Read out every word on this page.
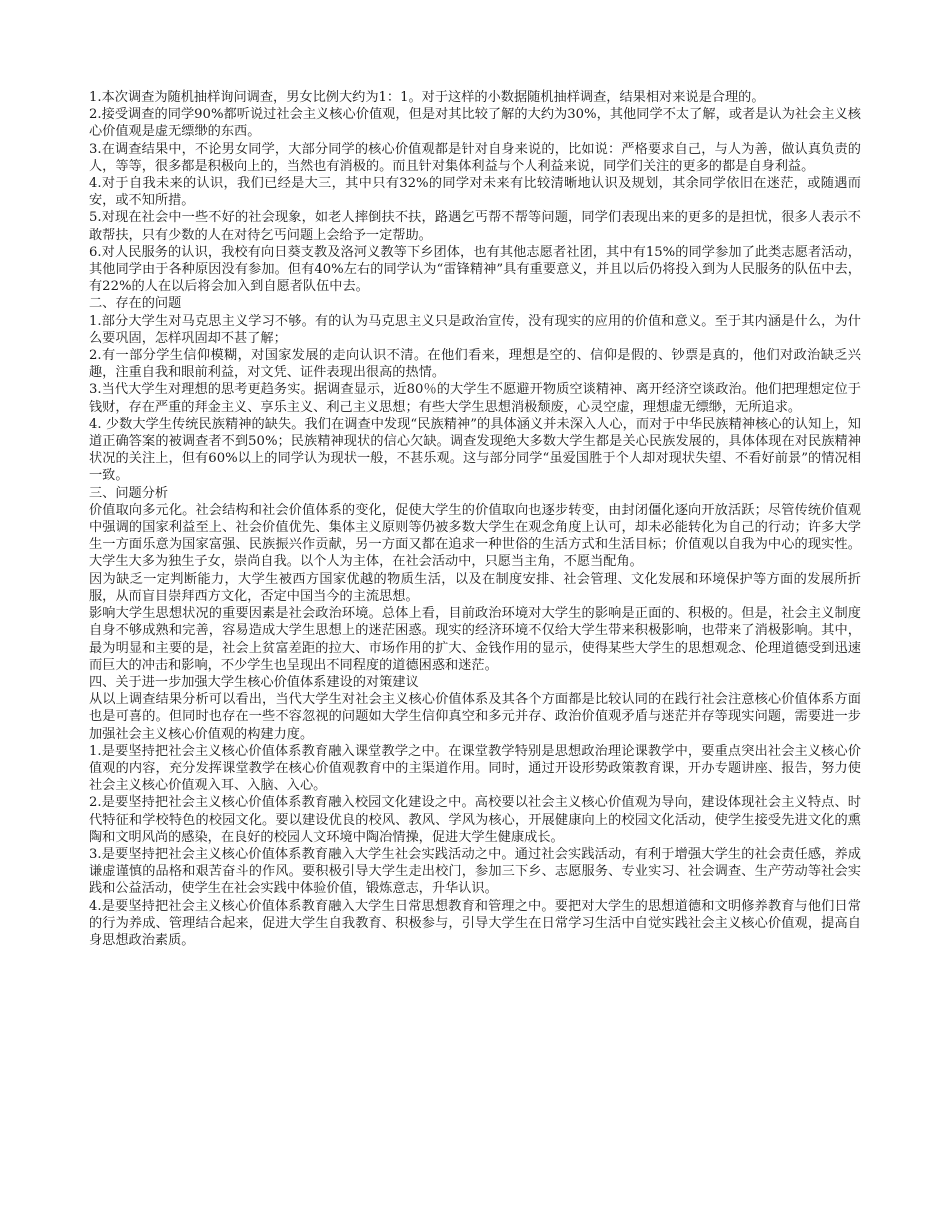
1.本次调查为随机抽样询问调查，男女比例大约为1：1。对于这样的小数据随机抽样调查，结果相对来说是合理的。

2.接受调查的同学90%都听说过社会主义核心价值观，但是对其比较了解的大约为30%，其他同学不太了解，或者是认为社会主义核心价值观是虚无缥缈的东西。

3.在调查结果中，不论男女同学，大部分同学的核心价值观都是针对自身来说的，比如说：严格要求自己，与人为善，做认真负责的人，等等，很多都是积极向上的，当然也有消极的。而且针对集体利益与个人利益来说，同学们关注的更多的都是自身利益。

4.对于自我未来的认识，我们已经是大三，其中只有32%的同学对未来有比较清晰地认识及规划，其余同学依旧在迷茫，或随遇而安，或不知所措。

5.对现在社会中一些不好的社会现象，如老人摔倒扶不扶，路遇乞丐帮不帮等问题，同学们表现出来的更多的是担忧，很多人表示不敢帮扶，只有少数的人在对待乞丐问题上会给予一定帮助。

6.对人民服务的认识，我校有向日葵支教及洛河义教等下乡团体，也有其他志愿者社团，其中有15%的同学参加了此类志愿者活动，其他同学由于各种原因没有参加。但有40%左右的同学认为“雷锋精神”具有重要意义，并且以后仍将投入到为人民服务的队伍中去，有22%的人在以后将会加入到自愿者队伍中去。

二、存在的问题

1.部分大学生对马克思主义学习不够。有的认为马克思主义只是政治宣传，没有现实的应用的价值和意义。至于其内涵是什么，为什么要巩固，怎样巩固却不甚了解；

2.有一部分学生信仰模糊，对国家发展的走向认识不清。在他们看来，理想是空的、信仰是假的、钞票是真的，他们对政治缺乏兴趣，注重自我和眼前利益，对文凭、证件表现出很高的热情。

3.当代大学生对理想的思考更趋务实。据调查显示，近80％的大学生不愿避开物质空谈精神、离开经济空谈政治。他们把理想定位于钱财，存在严重的拜金主义、享乐主义、利己主义思想；有些大学生思想消极颓废，心灵空虚，理想虚无缥缈，无所追求。

4. 少数大学生传统民族精神的缺失。我们在调查中发现“民族精神”的具体涵义并未深入人心，而对于中华民族精神核心的认知上，知道正确答案的被调查者不到50%；民族精神现状的信心欠缺。调查发现绝大多数大学生都是关心民族发展的，具体体现在对民族精神状况的关注上，但有60%以上的同学认为现状一般，不甚乐观。这与部分同学“虽爱国胜于个人却对现状失望、不看好前景”的情况相一致。

三、问题分析

价值取向多元化。社会结构和社会价值体系的变化，促使大学生的价值取向也逐步转变，由封闭僵化逐向开放活跃；尽管传统价值观中强调的国家利益至上、社会价值优先、集体主义原则等仍被多数大学生在观念角度上认可，却未必能转化为自己的行动；许多大学生一方面乐意为国家富强、民族振兴作贡献，另一方面又都在追求一种世俗的生活方式和生活目标；价值观以自我为中心的现实性。大学生大多为独生子女，崇尚自我。以个人为主体，在社会活动中，只愿当主角，不愿当配角。

因为缺乏一定判断能力，大学生被西方国家优越的物质生活，以及在制度安排、社会管理、文化发展和环境保护等方面的发展所折服，从而盲目崇拜西方文化，否定中国当今的主流思想。

影响大学生思想状况的重要因素是社会政治环境。总体上看，目前政治环境对大学生的影响是正面的、积极的。但是，社会主义制度自身不够成熟和完善，容易造成大学生思想上的迷茫困惑。现实的经济环境不仅给大学生带来积极影响，也带来了消极影响。其中，最为明显和主要的是，社会上贫富差距的拉大、市场作用的扩大、金钱作用的显示，使得某些大学生的思想观念、伦理道德受到迅速而巨大的冲击和影响，不少学生也呈现出不同程度的道德困惑和迷茫。

四、关于进一步加强大学生核心价值体系建设的对策建议

从以上调查结果分析可以看出，当代大学生对社会主义核心价值体系及其各个方面都是比较认同的在践行社会注意核心价值体系方面也是可喜的。但同时也存在一些不容忽视的问题如大学生信仰真空和多元并存、政治价值观矛盾与迷茫并存等现实问题，需要进一步加强社会主义核心价值观的构建力度。

1.是要坚持把社会主义核心价值体系教育融入课堂教学之中。在课堂教学特别是思想政治理论课教学中，要重点突出社会主义核心价值观的内容，充分发挥课堂教学在核心价值观教育中的主渠道作用。同时，通过开设形势政策教育课，开办专题讲座、报告，努力使社会主义核心价值观入耳、入脑、入心。

2.是要坚持把社会主义核心价值体系教育融入校园文化建设之中。高校要以社会主义核心价值观为导向，建设体现社会主义特点、时代特征和学校特色的校园文化。要以建设优良的校风、教风、学风为核心，开展健康向上的校园文化活动，使学生接受先进文化的熏陶和文明风尚的感染，在良好的校园人文环境中陶冶情操，促进大学生健康成长。

3.是要坚持把社会主义核心价值体系教育融入大学生社会实践活动之中。通过社会实践活动，有利于增强大学生的社会责任感，养成谦虚谨慎的品格和艰苦奋斗的作风。要积极引导大学生走出校门，参加三下乡、志愿服务、专业实习、社会调查、生产劳动等社会实践和公益活动，使学生在社会实践中体验价值，锻炼意志，升华认识。

4.是要坚持把社会主义核心价值体系教育融入大学生日常思想教育和管理之中。要把对大学生的思想道德和文明修养教育与他们日常的行为养成、管理结合起来，促进大学生自我教育、积极参与，引导大学生在日常学习生活中自觉实践社会主义核心价值观，提高自身思想政治素质。
